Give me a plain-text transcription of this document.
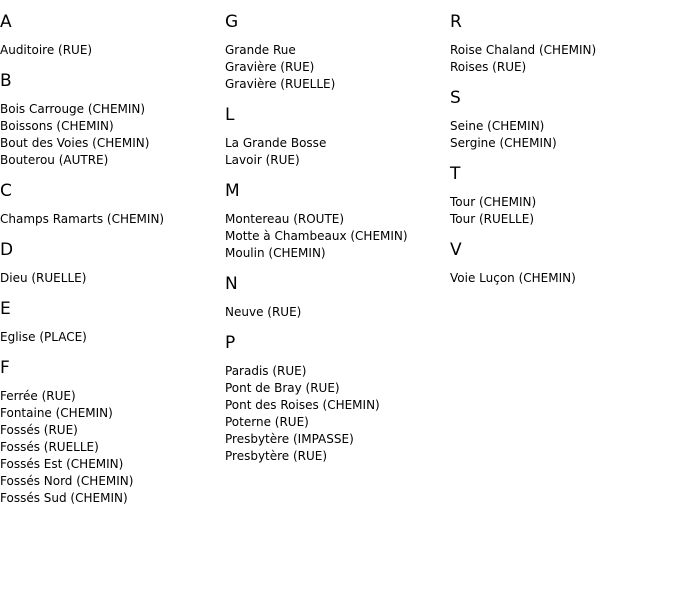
A
Auditoire (RUE)
B
Bois Carrouge (CHEMIN)
Boissons (CHEMIN)
Bout des Voies (CHEMIN)
Bouterou (AUTRE)
C
Champs Ramarts (CHEMIN)
D
Dieu (RUELLE)
E
Eglise (PLACE)
F
Ferrée (RUE)
Fontaine (CHEMIN)
Fossés (RUE)
Fossés (RUELLE)
Fossés Est (CHEMIN)
Fossés Nord (CHEMIN)
Fossés Sud (CHEMIN)
G
Grande Rue
Gravière (RUE)
Gravière (RUELLE)
L
La Grande Bosse
Lavoir (RUE)
M
Montereau (ROUTE)
Motte à Chambeaux (CHEMIN)
Moulin (CHEMIN)
N
Neuve (RUE)
P
Paradis (RUE)
Pont de Bray (RUE)
Pont des Roises (CHEMIN)
Poterne (RUE)
Presbytère (IMPASSE)
Presbytère (RUE)
R
Roise Chaland (CHEMIN)
Roises (RUE)
S
Seine (CHEMIN)
Sergine (CHEMIN)
T
Tour (CHEMIN)
Tour (RUELLE)
V
Voie Luçon (CHEMIN)
